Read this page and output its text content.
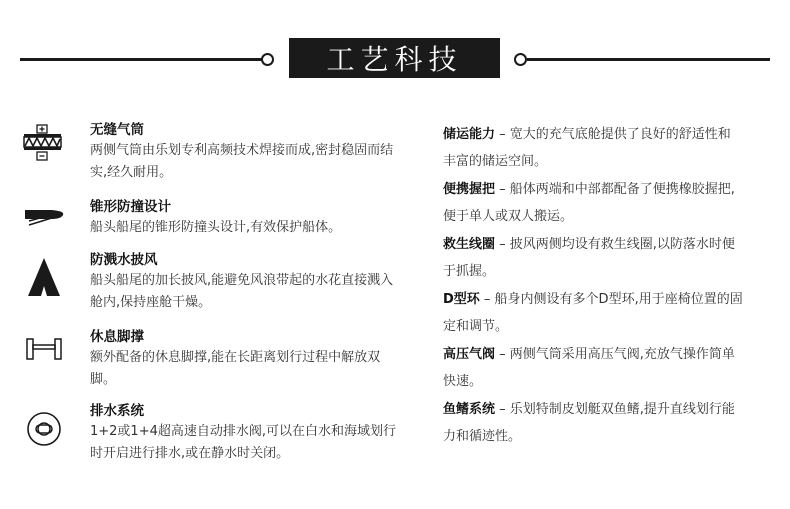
工艺科技
无缝气筒
两侧气筒由乐划专利高频技术焊接而成,密封稳固而结实,经久耐用。
锥形防撞设计
船头船尾的锥形防撞头设计,有效保护船体。
防溅水披风
船头船尾的加长披风,能避免风浪带起的水花直接溅入舱内,保持座舱干燥。
休息脚撑
额外配备的休息脚撑,能在长距离划行过程中解放双脚。
排水系统
1+2或1+4超高速自动排水阀,可以在白水和海域划行时开启进行排水,或在静水时关闭。
储运能力 – 宽大的充气底舱提供了良好的舒适性和丰富的储运空间。
便携握把 – 船体两端和中部都配备了便携橡胶握把,便于单人或双人搬运。
救生线圈 – 披风两侧均设有救生线圈,以防落水时便于抓握。
D型环 – 船身内侧设有多个D型环,用于座椅位置的固定和调节。
高压气阀 – 两侧气筒采用高压气阀,充放气操作简单快速。
鱼鳍系统 – 乐划特制皮划艇双鱼鳍,提升直线划行能力和循迹性。
